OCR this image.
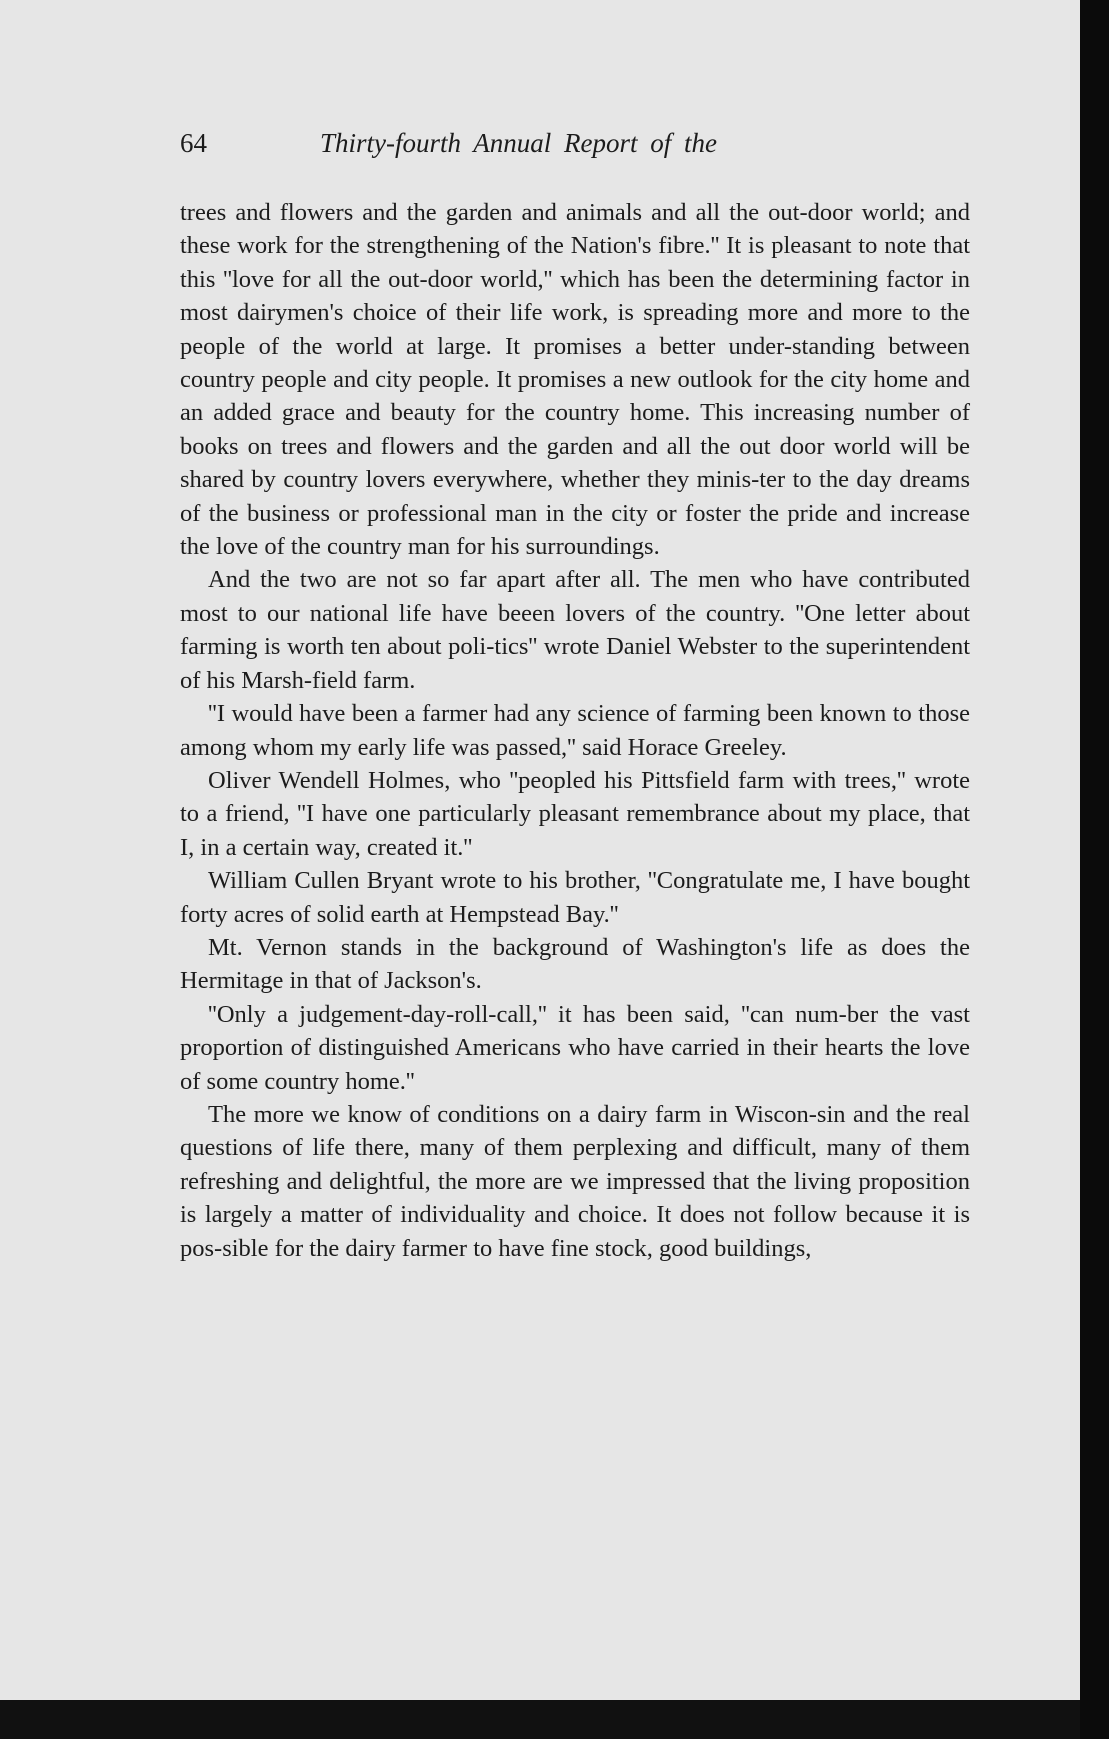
64	Thirty-fourth Annual Report of the

trees and flowers and the garden and animals and all the out-door world; and these work for the strengthening of the Nation's fibre.'' It is pleasant to note that this ''love for all the out-door world,'' which has been the determining factor in most dairymen's choice of their life work, is spreading more and more to the people of the world at large. It promises a better under-standing between country people and city people. It promises a new outlook for the city home and an added grace and beauty for the country home. This increasing number of books on trees and flowers and the garden and all the out door world will be shared by country lovers everywhere, whether they minis-ter to the day dreams of the business or professional man in the city or foster the pride and increase the love of the country man for his surroundings.

And the two are not so far apart after all. The men who have contributed most to our national life have beeen lovers of the country. ''One letter about farming is worth ten about poli-tics'' wrote Daniel Webster to the superintendent of his Marsh-field farm.

''I would have been a farmer had any science of farming been known to those among whom my early life was passed,'' said Horace Greeley.

Oliver Wendell Holmes, who ''peopled his Pittsfield farm with trees,'' wrote to a friend, ''I have one particularly pleasant remembrance about my place, that I, in a certain way, created it.''

William Cullen Bryant wrote to his brother, ''Congratulate me, I have bought forty acres of solid earth at Hempstead Bay.''

Mt. Vernon stands in the background of Washington's life as does the Hermitage in that of Jackson's.

''Only a judgement-day-roll-call,'' it has been said, ''can num-ber the vast proportion of distinguished Americans who have carried in their hearts the love of some country home.''

The more we know of conditions on a dairy farm in Wiscon-sin and the real questions of life there, many of them perplexing and difficult, many of them refreshing and delightful, the more are we impressed that the living proposition is largely a matter of individuality and choice. It does not follow because it is pos-sible for the dairy farmer to have fine stock, good buildings,
